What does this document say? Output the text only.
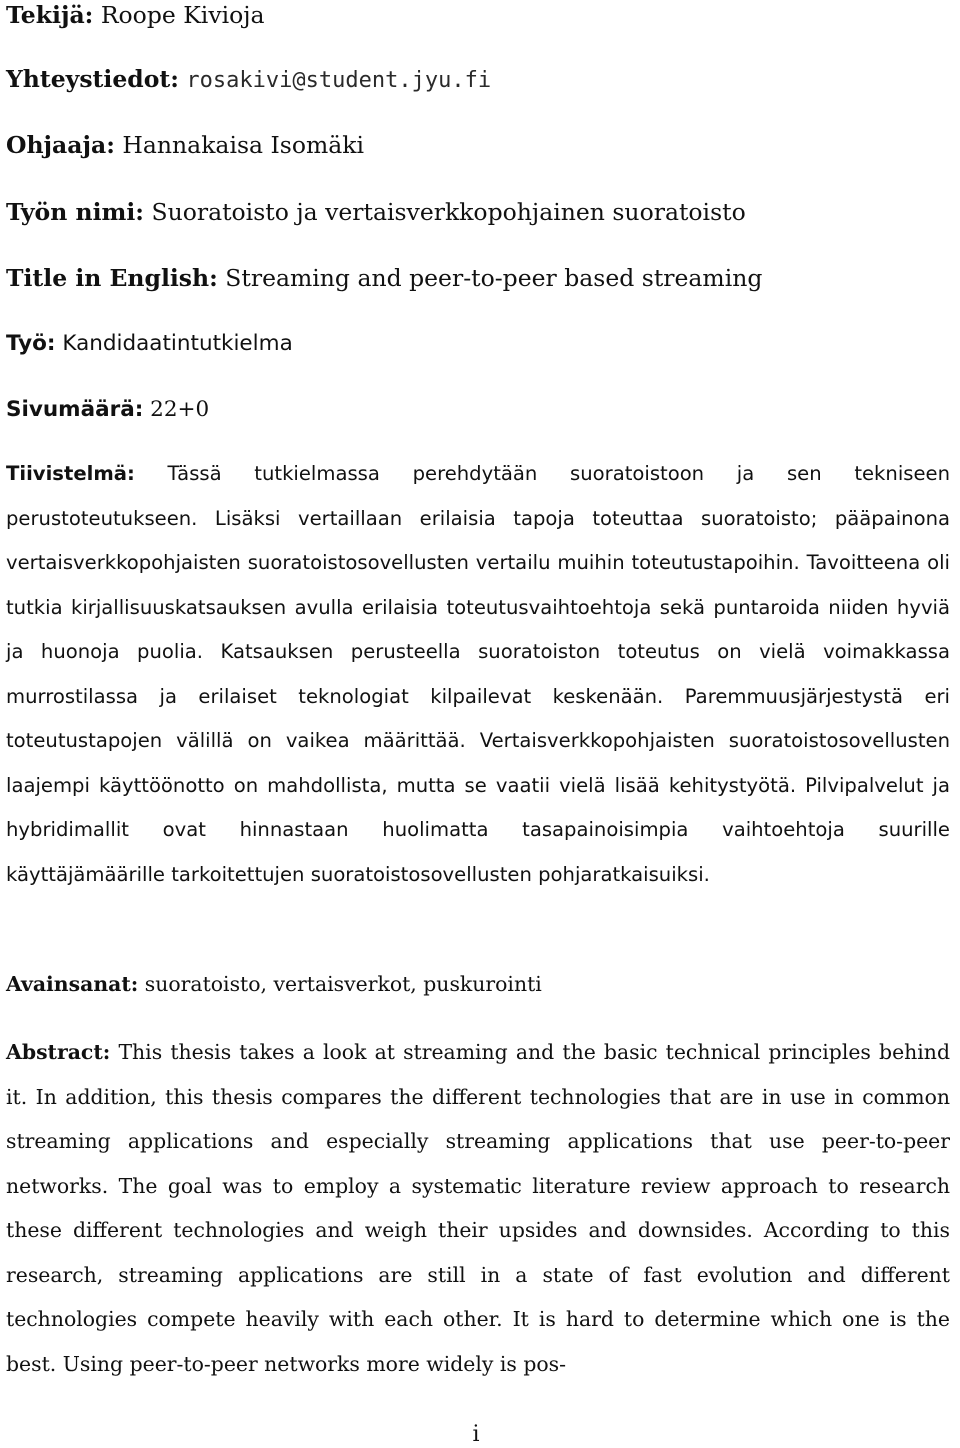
Tekijä: Roope Kivioja
Yhteystiedot: rosakivi@student.jyu.fi
Ohjaaja: Hannakaisa Isomäki
Työn nimi: Suoratoisto ja vertaisverkkopohjainen suoratoisto
Title in English: Streaming and peer-to-peer based streaming
Työ: Kandidaatintutkielma
Sivumäärä: 22+0

Tiivistelmä: Tässä tutkielmassa perehdytään suoratoistoon ja sen tekniseen perustoteutukseen. Lisäksi vertaillaan erilaisia tapoja toteuttaa suoratoisto; pääpainona vertaisverkkopohjaisten suoratoistosovellusten vertailu muihin toteutustapoihin. Tavoitteena oli tutkia kirjallisuuskatsauksen avulla erilaisia toteutusvaihtoehtoja sekä puntaroida niiden hyviä ja huonoja puolia. Katsauksen perusteella suoratoiston toteutus on vielä voimakkassa murrostilassa ja erilaiset teknologiat kilpailevat keskenään. Paremmuusjärjestystä eri toteutustapojen välillä on vaikea määrittää. Vertaisverkkopohjaisten suoratoistosovellusten laajempi käyttöönotto on mahdollista, mutta se vaatii vielä lisää kehitystyötä. Pilvipalvelut ja hybridimallit ovat hinnastaan huolimatta tasapainoisimpia vaihtoehtoja suurille käyttäjämäärille tarkoitettujen suoratoistosovellusten pohjaratkaisuiksi.

Avainsanat: suoratoisto, vertaisverkot, puskurointi

Abstract: This thesis takes a look at streaming and the basic technical principles behind it. In addition, this thesis compares the different technologies that are in use in common streaming applications and especially streaming applications that use peer-to-peer networks. The goal was to employ a systematic literature review approach to research these different technologies and weigh their upsides and downsides. According to this research, streaming applications are still in a state of fast evolution and different technologies compete heavily with each other. It is hard to determine which one is the best. Using peer-to-peer networks more widely is pos-

i
